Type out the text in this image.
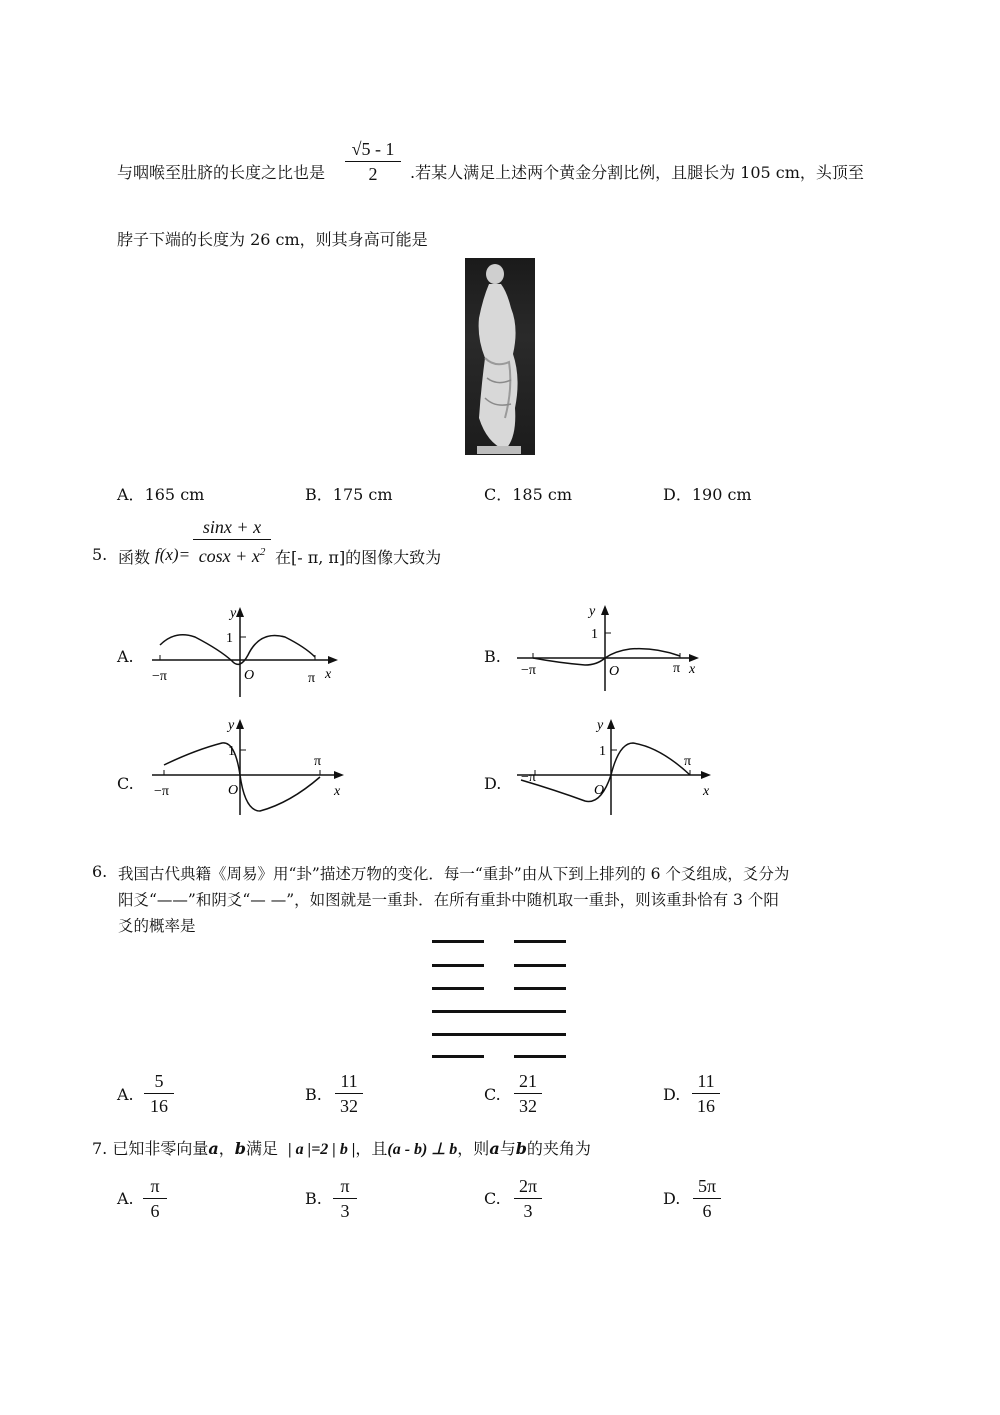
与咽喉至肚脐的长度之比也是
√5 - 1
2	.若某人满足上述两个黄金分割比例，且腿长为 105 cm，头顶至
脖子下端的长度为 26 cm，则其身高可能是
A．165 cm	B．175 cm	C．185 cm	D．190 cm
5. 函数 f(x)=
sinx + x
$\cos x + x^2$ 在[- π, π]的图像大致为
A.	B.
C.	D.
y
1
O
−π	π x
y
1
O
−π	π x
y
1
O
−π
π
x
y
1
O
−π
π
x
6. 我国古代典籍《周易》用“卦”描述万物的变化．每一“重卦”由从下到上排列的 6 个爻组成，爻分为
阳爻“——”和阴爻“— —”，如图就是一重卦．在所有重卦中随机取一重卦，则该重卦恰有 3 个阳
爻的概率是
A.
5
16
B.
11
32
C.
21
32
D.
11
16
7. 已知非零向量a，b满足 | a |=2 | b |，且(a - b) ⊥ b，则a与b的夹角为
A.
π
6
B.
π
3
C.
2π
3
D.
5π
6
